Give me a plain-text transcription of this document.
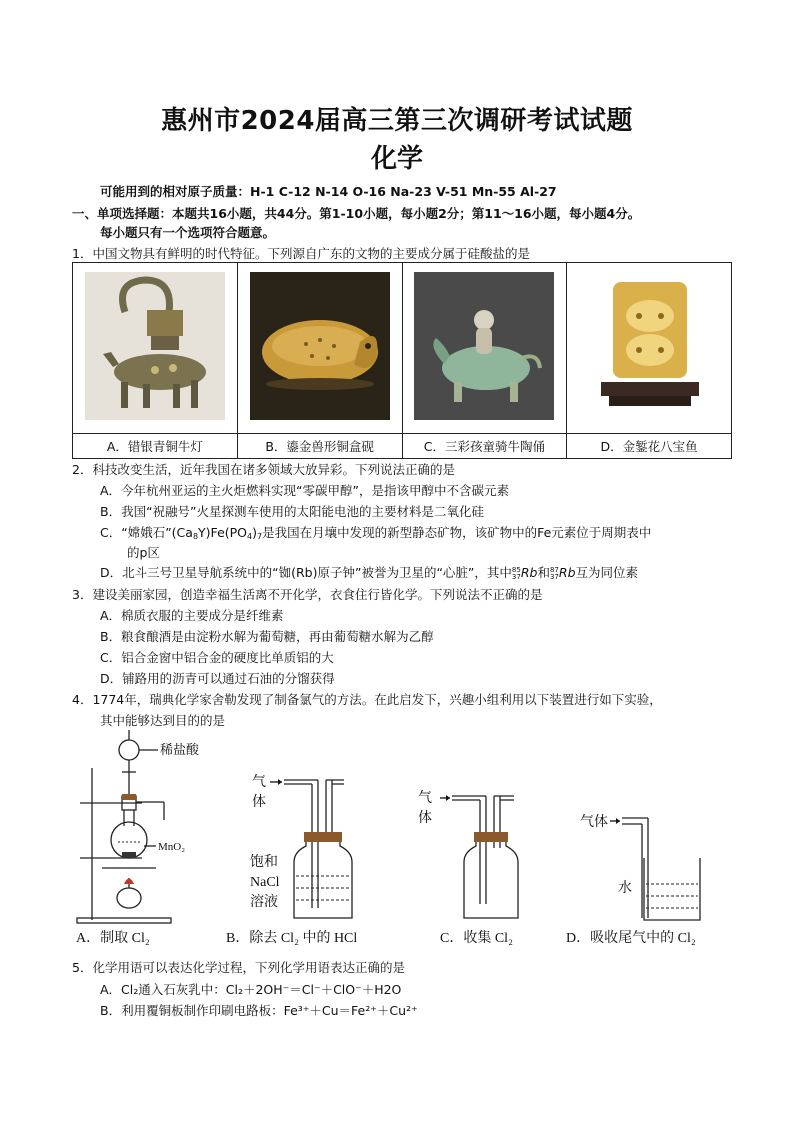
惠州市2024届高三第三次调研考试试题
化学
可能用到的相对原子质量：H-1 C-12 N-14 O-16 Na-23 V-51 Mn-55 Al-27
一、单项选择题：本题共16小题，共44分。第1-10小题，每小题2分；第11～16小题，每小题4分。
每小题只有一个选项符合题意。
1．中国文物具有鲜明的时代特征。下列源自广东的文物的主要成分属于硅酸盐的是

A．错银青铜牛灯	B．鎏金兽形铜盒砚	C．三彩孩童骑牛陶俑	D．金錾花八宝鱼
2．科技改变生活，近年我国在诸多领域大放异彩。下列说法正确的是
A．今年杭州亚运的主火炬燃料实现“零碳甲醇”，是指该甲醇中不含碳元素
B．我国“祝融号”火星探测车使用的太阳能电池的主要材料是二氧化硅
C．“嫦娥石$”(Ca_8Y)Fe(PO_4)_7$是我国在月壤中发现的新型静态矿物，该矿物中的Fe元素位于周期表中
的p区
D．北斗三号卫星导航系统中的“铷(Rb)原子钟”被誉为卫星的“心脏”，其中85
37Rb和87
37Rb互为同位素
3．建设美丽家园，创造幸福生活离不开化学，衣食住行皆化学。下列说法不正确的是
A．棉质衣服的主要成分是纤维素
B．粮食酿酒是由淀粉水解为葡萄糖，再由葡萄糖水解为乙醇
C．铝合金窗中铝合金的硬度比单质铝的大
D．铺路用的沥青可以通过石油的分馏获得
4．1774年，瑞典化学家舍勒发现了制备氯气的方法。在此启发下，兴趣小组利用以下装置进行如下实验，
其中能够达到目的的是
稀盐酸
MnO₂
A．制取 Cl₂
气
体
饱和
NaCl
溶液
B．除去 Cl₂ 中的 HCl
气
体
C．收集 Cl₂
气体
水
D．吸收尾气中的 Cl₂
5．化学用语可以表达化学过程，下列化学用语表达正确的是
A．Cl₂通入石灰乳中：Cl₂＋2OH⁻＝Cl⁻＋ClO⁻＋H2O
B．利用覆铜板制作印刷电路板：Fe³⁺＋Cu＝Fe²⁺＋Cu²⁺
